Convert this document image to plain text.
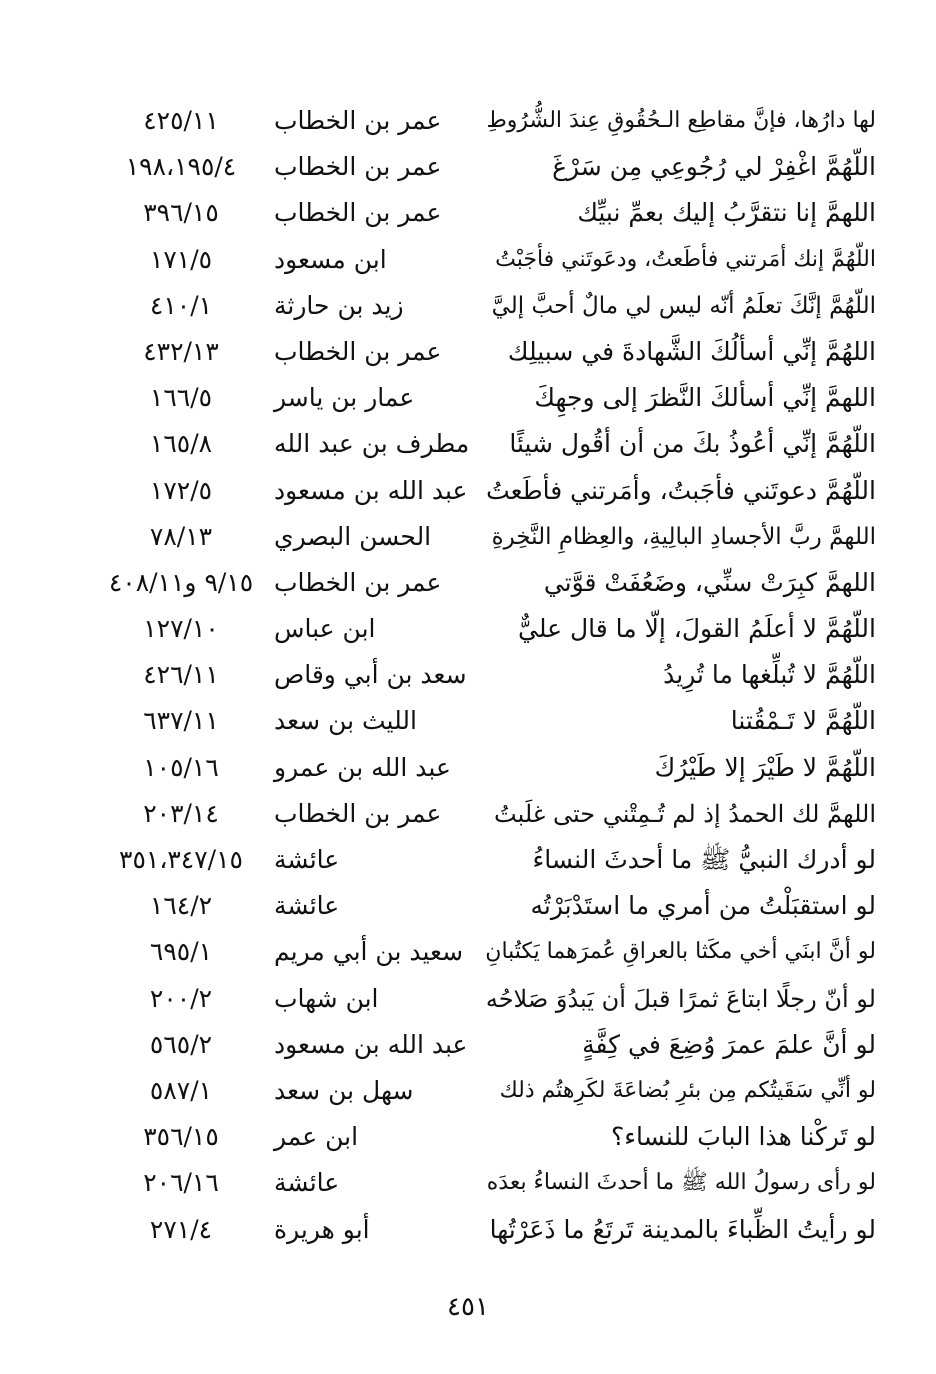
لها دارُها، فإنَّ مقاطِع الـحُقُوقِ عِندَ الشُّرُوطِ
عمر بن الخطاب
٤٢٥/١١
اللّهُمَّ اغْفِرْ لي رُجُوعِي مِن سَرْغَ
عمر بن الخطاب
١٩٨،١٩٥/٤
اللهمَّ إنا نتقرَّبُ إليك بعمِّ نبيِّك
عمر بن الخطاب
٣٩٦/١٥
اللّهُمَّ إنك أمَرتني فأطَعتُ، ودعَوتَني فأجَبْتُ
ابن مسعود
١٧١/٥
اللّهُمَّ إنَّكَ تعلَمُ أنّه ليس لي مالٌ أحبَّ إليَّ
زيد بن حارثة
٤١٠/١
اللهُمَّ إنِّي أسألُكَ الشَّهادةَ في سبيلِك
عمر بن الخطاب
٤٣٢/١٣
اللهمَّ إنِّي أسألكَ النَّظرَ إلى وجهِكَ
عمار بن ياسر
١٦٦/٥
اللّهُمَّ إنِّي أعُوذُ بكَ من أن أقُول شيئًا
مطرف بن عبد الله
١٦٥/٨
اللّهُمَّ دعوتَني فأجَبتُ، وأمَرتني فأطَعتُ
عبد الله بن مسعود
١٧٢/٥
اللهمَّ ربَّ الأجسادِ البالِيةِ، والعِظامِ النَّخِرةِ
الحسن البصري
٧٨/١٣
اللهمَّ كبِرَتْ سنِّي، وضَعُفَتْ قوَّتي
عمر بن الخطاب
٩/١٥ و٤٠٨/١١
اللّهُمَّ لا أعلَمُ القولَ، إلّا ما قال عليٌّ
ابن عباس
١٢٧/١٠
اللّهُمَّ لا تُبلِّغها ما تُرِيدُ
سعد بن أبي وقاص
٤٢٦/١١
اللّهُمَّ لا تَـمْقُتنا
الليث بن سعد
٦٣٧/١١
اللّهُمَّ لا طَيْرَ إلا طَيْرُكَ
عبد الله بن عمرو
١٠٥/١٦
اللهمَّ لك الحمدُ إذ لم تُـمِتْني حتى غلَبتُ
عمر بن الخطاب
٢٠٣/١٤
لو أدرك النبيُّ ﷺ ما أحدثَ النساءُ
عائشة
٣٥١،٣٤٧/١٥
لو استقبَلْتُ من أمري ما استَدْبَرْتُه
عائشة
١٦٤/٢
لو أنَّ ابنَي أخي مكَثا بالعراقِ عُمرَهما يَكتُبانِ
سعيد بن أبي مريم
٦٩٥/١
لو أنّ رجلًا ابتاعَ ثمرًا قبلَ أن يَبدُوَ صَلاحُه
ابن شهاب
٢٠٠/٢
لو أنَّ علمَ عمرَ وُضِعَ في كِفَّةٍ
عبد الله بن مسعود
٥٦٥/٢
لو أنِّي سَقَيتُكم مِن بئرِ بُضاعَةَ لكَرِهتُم ذلك
سهل بن سعد
٥٨٧/١
لو تَركْنا هذا البابَ للنساء؟
ابن عمر
٣٥٦/١٥
لو رأى رسولُ الله ﷺ ما أحدثَ النساءُ بعدَه
عائشة
٢٠٦/١٦
لو رأيتُ الظِّباءَ بالمدينة تَرتَعُ ما ذَعَرْتُها
أبو هريرة
٢٧١/٤
٤٥١
